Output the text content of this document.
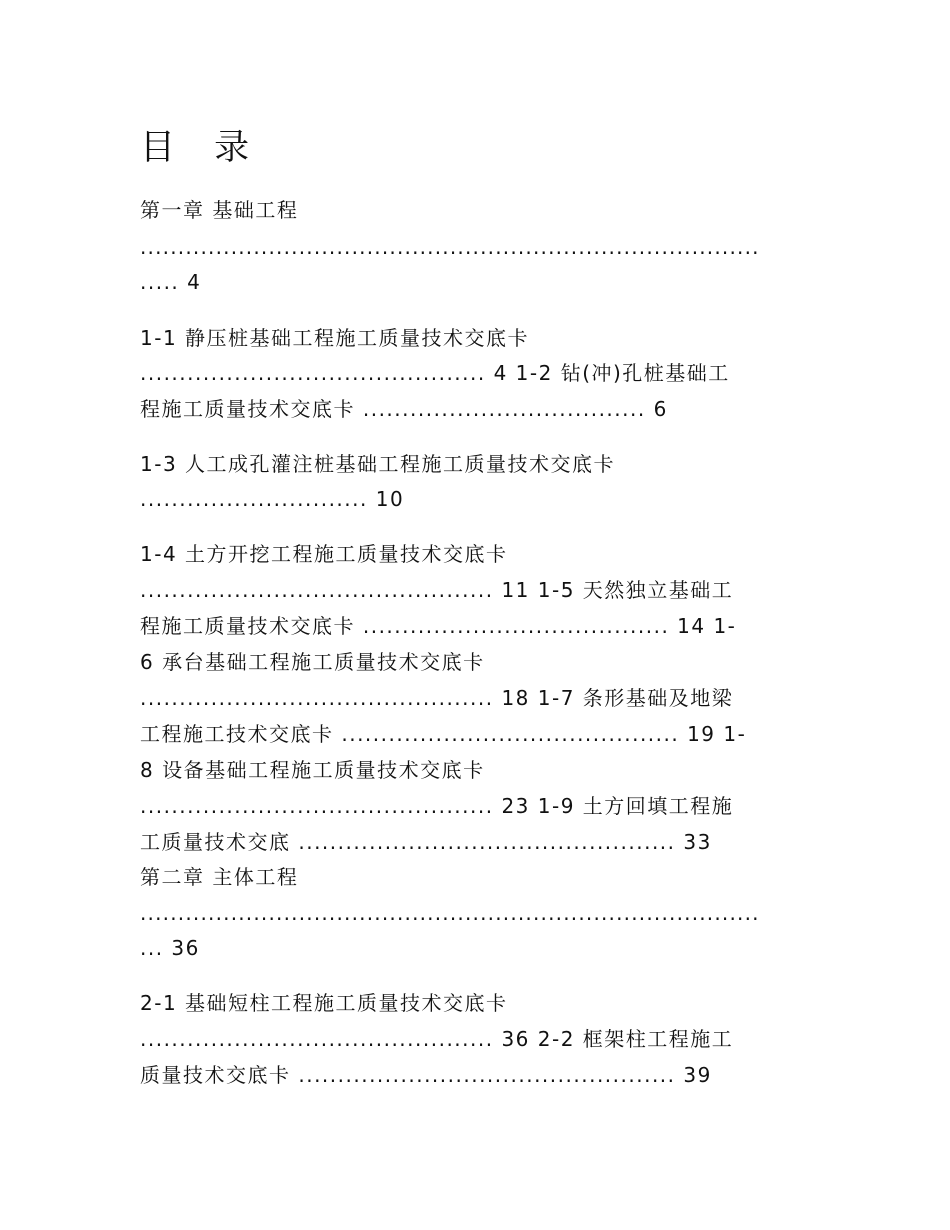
目 录
第一章 基础工程
..................................................................................
..... 4
1-1 静压桩基础工程施工质量技术交底卡
............................................ 4 1-2 钻(冲)孔桩基础工
程施工质量技术交底卡 .................................... 6
1-3 人工成孔灌注桩基础工程施工质量技术交底卡
............................. 10
1-4 土方开挖工程施工质量技术交底卡
............................................. 11 1-5 天然独立基础工
程施工质量技术交底卡 ....................................... 14 1-
6 承台基础工程施工质量技术交底卡
............................................. 18 1-7 条形基础及地梁
工程施工技术交底卡 ........................................... 19 1-
8 设备基础工程施工质量技术交底卡
............................................. 23 1-9 土方回填工程施
工质量技术交底 ................................................ 33
第二章 主体工程
..................................................................................
... 36
2-1 基础短柱工程施工质量技术交底卡
............................................. 36 2-2 框架柱工程施工
质量技术交底卡 ................................................ 39
